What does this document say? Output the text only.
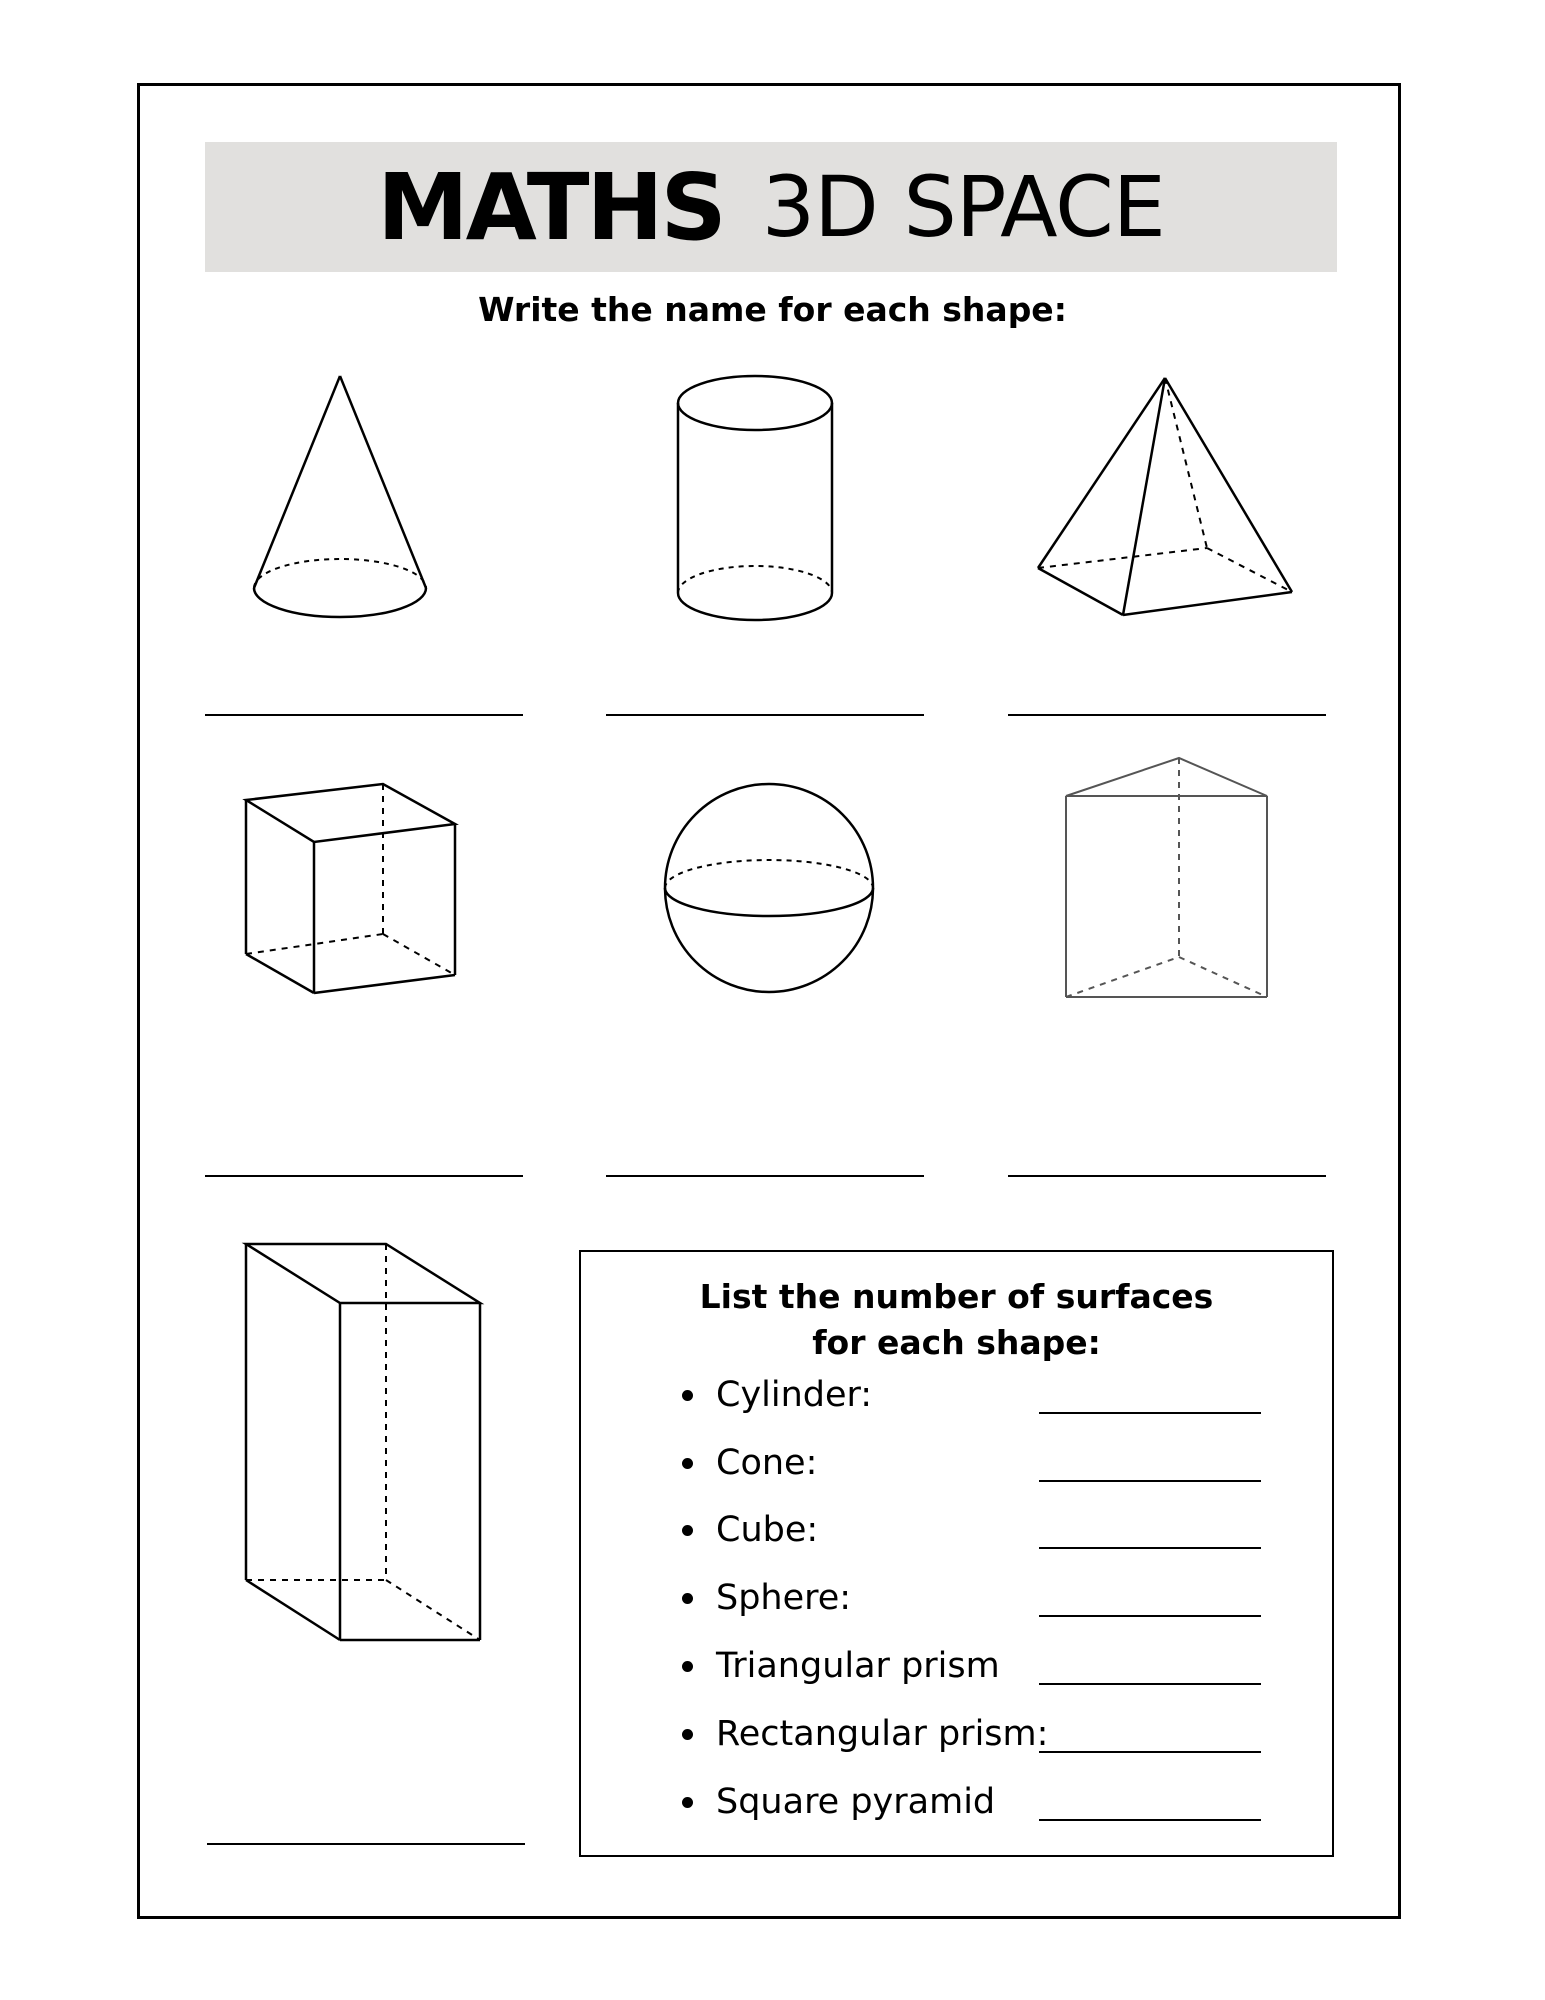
MATHS 3D SPACE
Write the name for each shape:
List the number of surfaces
for each shape:
Cylinder:
Cone:
Cube:
Sphere:
Triangular prism
Rectangular prism:
Square pyramid
